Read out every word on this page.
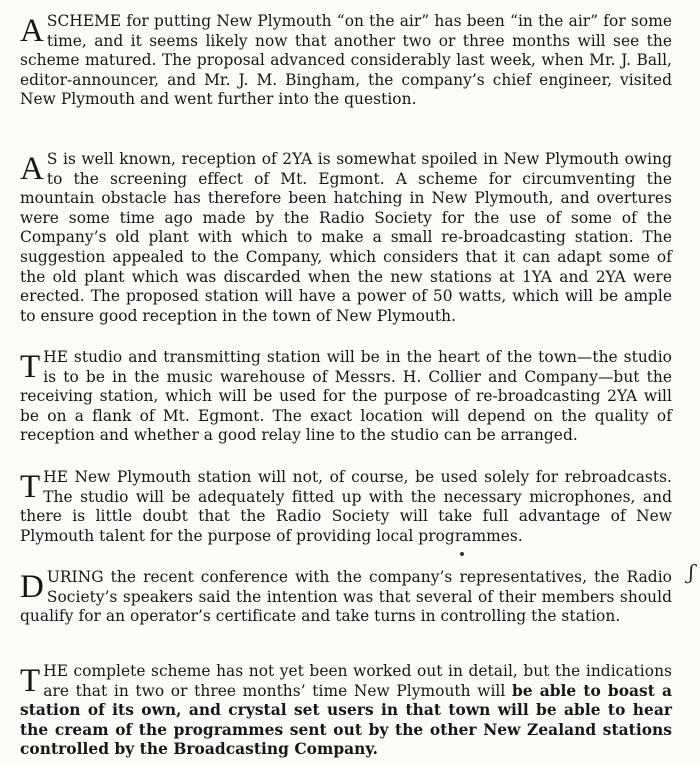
A SCHEME for putting New Plymouth “on the air” has been “in the air” for some time, and it seems likely now that another two or three months will see the scheme matured. The proposal advanced considerably last week, when Mr. J. Ball, editor-announcer, and Mr. J. M. Bingham, the company’s chief engineer, visited New Plymouth and went further into the question.
A S is well known, reception of 2YA is somewhat spoiled in New Plymouth owing to the screening effect of Mt. Egmont. A scheme for circumventing the mountain obstacle has therefore been hatching in New Plymouth, and overtures were some time ago made by the Radio Society for the use of some of the Company’s old plant with which to make a small re-broadcasting station. The suggestion appealed to the Company, which considers that it can adapt some of the old plant which was discarded when the new stations at 1YA and 2YA were erected. The proposed station will have a power of 50 watts, which will be ample to ensure good reception in the town of New Plymouth.
THE studio and transmitting station will be in the heart of the town—the studio is to be in the music warehouse of Messrs. H. Collier and Company—but the receiving station, which will be used for the purpose of re-broadcasting 2YA will be on a flank of Mt. Egmont. The exact location will depend on the quality of reception and whether a good relay line to the studio can be arranged.
THE New Plymouth station will not, of course, be used solely for rebroadcasts. The studio will be adequately fitted up with the necessary microphones, and there is little doubt that the Radio Society will take full advantage of New Plymouth talent for the purpose of providing local programmes.
DURING the recent conference with the company’s representatives, the Radio Society’s speakers said the intention was that several of their members should qualify for an operator’s certificate and take turns in controlling the station.
THE complete scheme has not yet been worked out in detail, but the indications are that in two or three months’ time New Plymouth will be able to boast a station of its own, and crystal set users in that town will be able to hear the cream of the programmes sent out by the other New Zealand stations controlled by the Broadcasting Company.
ʃ
